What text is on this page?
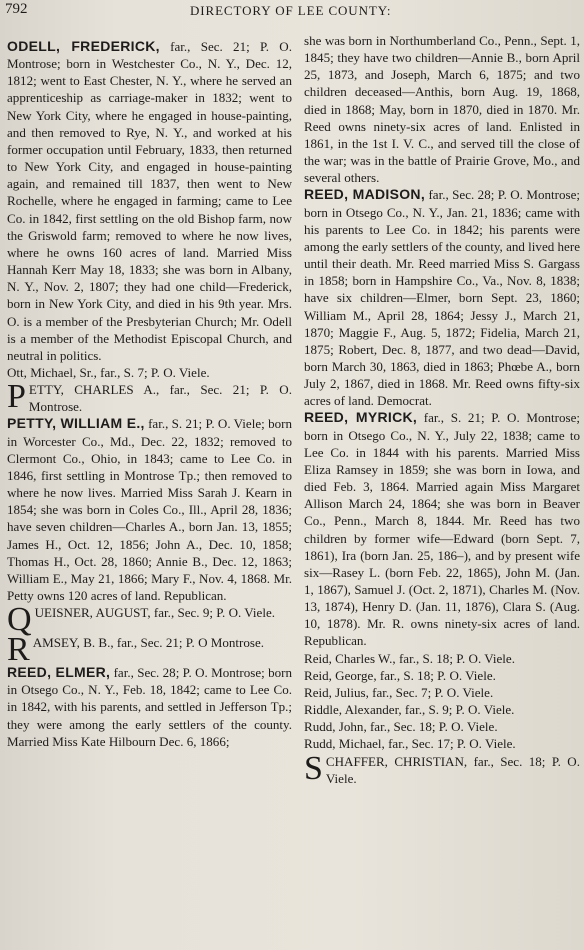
792	DIRECTORY OF LEE COUNTY:

ODELL, FREDERICK, far., Sec. 21; P. O. Montrose; born in Westchester Co., N. Y., Dec. 12, 1812; went to East Chester, N. Y., where he served an apprenticeship as carriage-maker in 1832; went to New York City, where he engaged in house-painting, and then removed to Rye, N. Y., and worked at his former occupation until February, 1833, then returned to New York City, and engaged in house-painting again, and remained till 1837, then went to New Rochelle, where he engaged in farming; came to Lee Co. in 1842, first settling on the old Bishop farm, now the Griswold farm; removed to where he now lives, where he owns 160 acres of land. Married Miss Hannah Kerr May 18, 1833; she was born in Albany, N. Y., Nov. 2, 1807; they had one child—Frederick, born in New York City, and died in his 9th year. Mrs. O. is a member of the Presbyterian Church; Mr. Odell is a member of the Methodist Episcopal Church, and neutral in politics.

Ott, Michael, Sr., far., S. 7; P. O. Viele.

PETTY, CHARLES A., far., Sec. 21; P. O. Montrose.

PETTY, WILLIAM E., far., S. 21; P. O. Viele; born in Worcester Co., Md., Dec. 22, 1832; removed to Clermont Co., Ohio, in 1843; came to Lee Co. in 1846, first settling in Montrose Tp.; then removed to where he now lives. Married Miss Sarah J. Kearn in 1854; she was born in Coles Co., Ill., April 28, 1836; have seven children—Charles A., born Jan. 13, 1855; James H., Oct. 12, 1856; John A., Dec. 10, 1858; Thomas H., Oct. 28, 1860; Annie B., Dec. 12, 1863; William E., May 21, 1866; Mary F., Nov. 4, 1868. Mr. Petty owns 120 acres of land. Republican.

QUEISNER, AUGUST, far., Sec. 9; P. O. Viele.

RAMSEY, B. B., far., Sec. 21; P. O Montrose.

REED, ELMER, far., Sec. 28; P. O. Montrose; born in Otsego Co., N. Y., Feb. 18, 1842; came to Lee Co. in 1842, with his parents, and settled in Jefferson Tp.; they were among the early settlers of the county. Married Miss Kate Hilbourn Dec. 6, 1866;

she was born in Northumberland Co., Penn., Sept. 1, 1845; they have two children—Annie B., born April 25, 1873, and Joseph, March 6, 1875; and two children deceased—Anthis, born Aug. 19, 1868, died in 1868; May, born in 1870, died in 1870. Mr. Reed owns ninety-six acres of land. Enlisted in 1861, in the 1st I. V. C., and served till the close of the war; was in the battle of Prairie Grove, Mo., and several others.

REED, MADISON, far., Sec. 28; P. O. Montrose; born in Otsego Co., N. Y., Jan. 21, 1836; came with his parents to Lee Co. in 1842; his parents were among the early settlers of the county, and lived here until their death. Mr. Reed married Miss S. Gargass in 1858; born in Hampshire Co., Va., Nov. 8, 1838; have six children—Elmer, born Sept. 23, 1860; William M., April 28, 1864; Jessy J., March 21, 1870; Maggie F., Aug. 5, 1872; Fidelia, March 21, 1875; Robert, Dec. 8, 1877, and two dead—David, born March 30, 1863, died in 1863; Phœbe A., born July 2, 1867, died in 1868. Mr. Reed owns fifty-six acres of land. Democrat.

REED, MYRICK, far., S. 21; P. O. Montrose; born in Otsego Co., N. Y., July 22, 1838; came to Lee Co. in 1844 with his parents. Married Miss Eliza Ramsey in 1859; she was born in Iowa, and died Feb. 3, 1864. Married again Miss Margaret Allison March 24, 1864; she was born in Beaver Co., Penn., March 8, 1844. Mr. Reed has two children by former wife—Edward (born Sept. 7, 1861), Ira (born Jan. 25, 186–), and by present wife six—Rasey L. (born Feb. 22, 1865), John M. (Jan. 1, 1867), Samuel J. (Oct. 2, 1871), Charles M. (Nov. 13, 1874), Henry D. (Jan. 11, 1876), Clara S. (Aug. 10, 1878). Mr. R. owns ninety-six acres of land. Republican.

Reid, Charles W., far., S. 18; P. O. Viele.

Reid, George, far., S. 18; P. O. Viele.

Reid, Julius, far., Sec. 7; P. O. Viele.

Riddle, Alexander, far., S. 9; P. O. Viele.

Rudd, John, far., Sec. 18; P. O. Viele.

Rudd, Michael, far., Sec. 17; P. O. Viele.

SCHAFFER, CHRISTIAN, far., Sec. 18; P. O. Viele.
